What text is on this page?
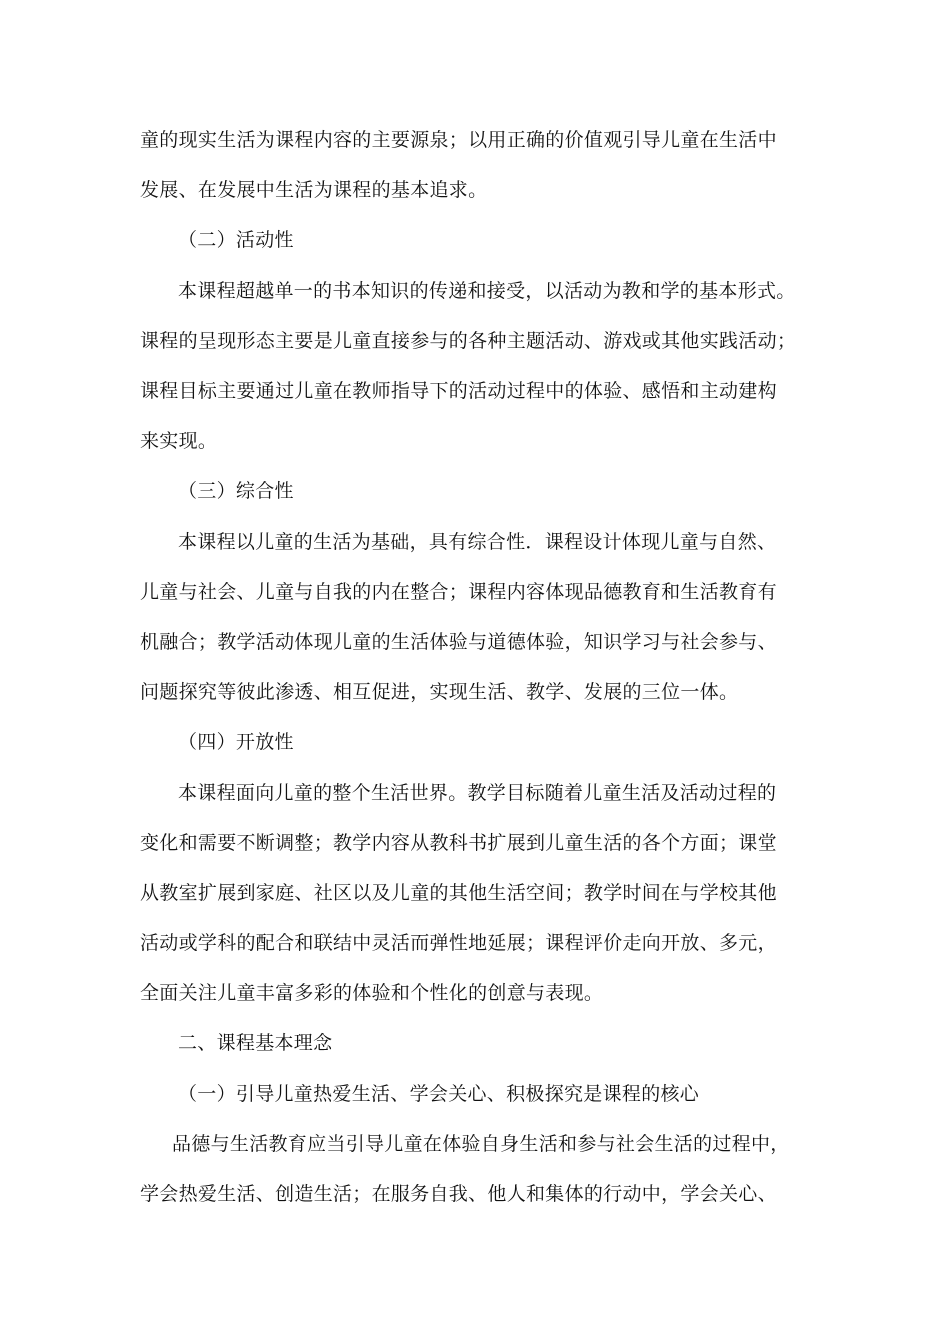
童的现实生活为课程内容的主要源泉；以用正确的价值观引导儿童在生活中
发展、在发展中生活为课程的基本追求。
（二）活动性
本课程超越单一的书本知识的传递和接受，以活动为教和学的基本形式。
课程的呈现形态主要是儿童直接参与的各种主题活动、游戏或其他实践活动；
课程目标主要通过儿童在教师指导下的活动过程中的体验、感悟和主动建构
来实现。
（三）综合性
本课程以儿童的生活为基础，具有综合性．课程设计体现儿童与自然、
儿童与社会、儿童与自我的内在整合；课程内容体现品德教育和生活教育有
机融合；教学活动体现儿童的生活体验与道德体验，知识学习与社会参与、
问题探究等彼此渗透、相互促进，实现生活、教学、发展的三位一体。
（四）开放性
本课程面向儿童的整个生活世界。教学目标随着儿童生活及活动过程的
变化和需要不断调整；教学内容从教科书扩展到儿童生活的各个方面；课堂
从教室扩展到家庭、社区以及儿童的其他生活空间；教学时间在与学校其他
活动或学科的配合和联结中灵活而弹性地延展；课程评价走向开放、多元，
全面关注儿童丰富多彩的体验和个性化的创意与表现。
二、课程基本理念
（一）引导儿童热爱生活、学会关心、积极探究是课程的核心
品德与生活教育应当引导儿童在体验自身生活和参与社会生活的过程中，
学会热爱生活、创造生活；在服务自我、他人和集体的行动中，学会关心、
